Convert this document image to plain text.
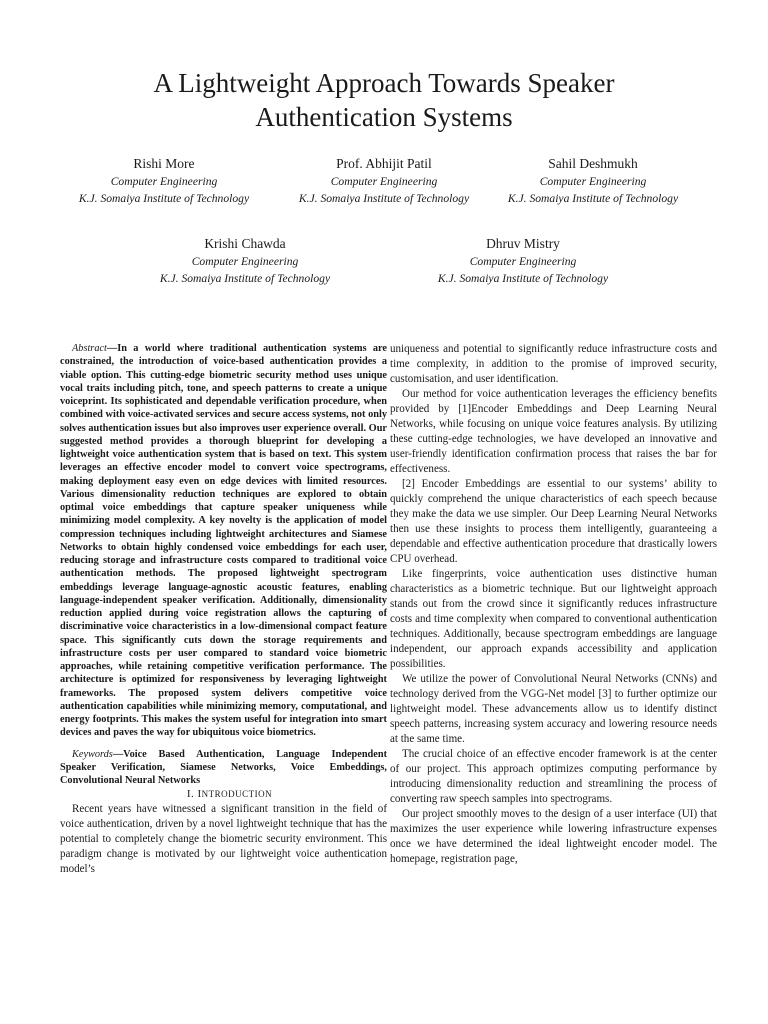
A Lightweight Approach Towards Speaker
Authentication Systems
Rishi More
Computer Engineering
K.J. Somaiya Institute of Technology
Prof. Abhijit Patil
Computer Engineering
K.J. Somaiya Institute of Technology
Sahil Deshmukh
Computer Engineering
K.J. Somaiya Institute of Technology
Krishi Chawda
Computer Engineering
K.J. Somaiya Institute of Technology
Dhruv Mistry
Computer Engineering
K.J. Somaiya Institute of Technology

Abstract—In a world where traditional authentication systems are constrained, the introduction of voice-based authentication provides a viable option. This cutting-edge biometric security method uses unique vocal traits including pitch, tone, and speech patterns to create a unique voiceprint. Its sophisticated and dependable verification procedure, when combined with voice-activated services and secure access systems, not only solves authentication issues but also improves user experience overall. Our suggested method provides a thorough blueprint for developing a lightweight voice authentication system that is based on text. This system leverages an effective encoder model to convert voice spectrograms, making deployment easy even on edge devices with limited resources. Various dimensionality reduction techniques are explored to obtain optimal voice embeddings that capture speaker uniqueness while minimizing model complexity. A key novelty is the application of model compression techniques including lightweight architectures and Siamese Networks to obtain highly condensed voice embeddings for each user, reducing storage and infrastructure costs compared to traditional voice authentication methods. The proposed lightweight spectrogram embeddings leverage language-agnostic acoustic features, enabling language-independent speaker verification. Additionally, dimensionality reduction applied during voice registration allows the capturing of discriminative voice characteristics in a low-dimensional compact feature space. This significantly cuts down the storage requirements and infrastructure costs per user compared to standard voice biometric approaches, while retaining competitive verification performance. The architecture is optimized for responsiveness by leveraging lightweight frameworks. The proposed system delivers competitive voice authentication capabilities while minimizing memory, computational, and energy footprints. This makes the system useful for integration into smart devices and paves the way for ubiquitous voice biometrics.

Keywords—Voice Based Authentication, Language Independent Speaker Verification, Siamese Networks, Voice Embeddings, Convolutional Neural Networks

I. INTRODUCTION

Recent years have witnessed a significant transition in the field of voice authentication, driven by a novel lightweight technique that has the potential to completely change the biometric security environment. This paradigm change is motivated by our lightweight voice authentication model’s

uniqueness and potential to significantly reduce infrastructure costs and time complexity, in addition to the promise of improved security, customisation, and user identification.

Our method for voice authentication leverages the efficiency benefits provided by [1]Encoder Embeddings and Deep Learning Neural Networks, while focusing on unique voice features analysis. By utilizing these cutting-edge technologies, we have developed an innovative and user-friendly identification confirmation process that raises the bar for effectiveness.

[2] Encoder Embeddings are essential to our systems’ ability to quickly comprehend the unique characteristics of each speech because they make the data we use simpler. Our Deep Learning Neural Networks then use these insights to process them intelligently, guaranteeing a dependable and effective authentication procedure that drastically lowers CPU overhead.

Like fingerprints, voice authentication uses distinctive human characteristics as a biometric technique. But our lightweight approach stands out from the crowd since it significantly reduces infrastructure costs and time complexity when compared to conventional authentication techniques. Additionally, because spectrogram embeddings are language independent, our approach expands accessibility and application possibilities.

We utilize the power of Convolutional Neural Networks (CNNs) and technology derived from the VGG-Net model [3] to further optimize our lightweight model. These advancements allow us to identify distinct speech patterns, increasing system accuracy and lowering resource needs at the same time.

The crucial choice of an effective encoder framework is at the center of our project. This approach optimizes computing performance by introducing dimensionality reduction and streamlining the process of converting raw speech samples into spectrograms.

Our project smoothly moves to the design of a user interface (UI) that maximizes the user experience while lowering infrastructure expenses once we have determined the ideal lightweight encoder model. The homepage, registration page,
